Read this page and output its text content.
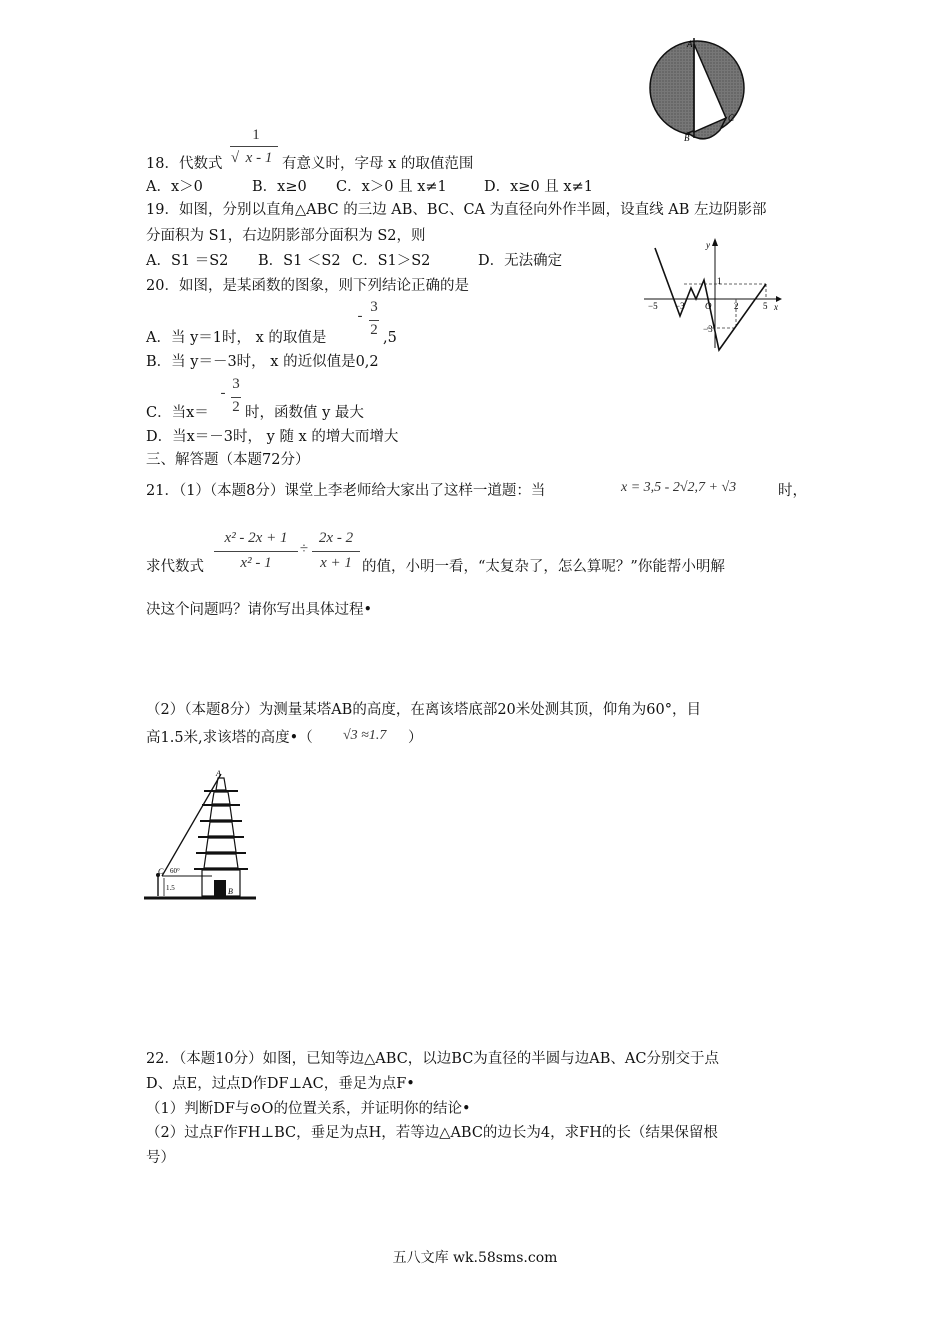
A
B
C
1
√ x - 1
18．代数式	有意义时，字母 x 的取值范围
A．x＞0	B．x≥0 C．x＞0 且 x≠1	D．x≥0 且 x≠1
19．如图，分别以直角△ABC 的三边 AB、BC、CA 为直径向外作半圆，设直线 AB 左边阴影部
分面积为 S1，右边阴影部分面积为 S2，则
A．S1 ＝S2 B．S1 ＜S2 C．S1＞S2	D．无法确定
y
x
O
−5 −3	2	5
1
−3
20．如图，是某函数的图象，则下列结论正确的是
-
3
2
A．当 y＝1时， x 的取值是	,5
B．当 y＝－3时， x 的近似值是0,2
-
3
2
C．当x＝ 时，函数值 y 最大
D．当x＝－3时， y 随 x 的增大而增大
三、解答题（本题72分）
21．（1）（本题8分）课堂上李老师给大家出了这样一道题：当	x = 3,5 - 2√2,7 + √3	时，
x² - 2x + 1
x² - 1
÷
2x - 2
x + 1
求代数式	的值，小明一看，“太复杂了，怎么算呢？”你能帮小明解
决这个问题吗？请你写出具体过程•
（2）（本题8分）为测量某塔AB的高度，在离该塔底部20米处测其顶，仰角为60°，目
高1.5米,求该塔的高度•（ √3 ≈1.7 ）
A
C 60°
1.5	B
22．（本题10分）如图，已知等边△ABC，以边BC为直径的半圆与边AB、AC分别交于点
D、点E，过点D作DF⊥AC，垂足为点F•
（1）判断DF与⊙O的位置关系，并证明你的结论•
（2）过点F作FH⊥BC，垂足为点H，若等边△ABC的边长为4，求FH的长（结果保留根
号）
五八文库 wk.58sms.com
